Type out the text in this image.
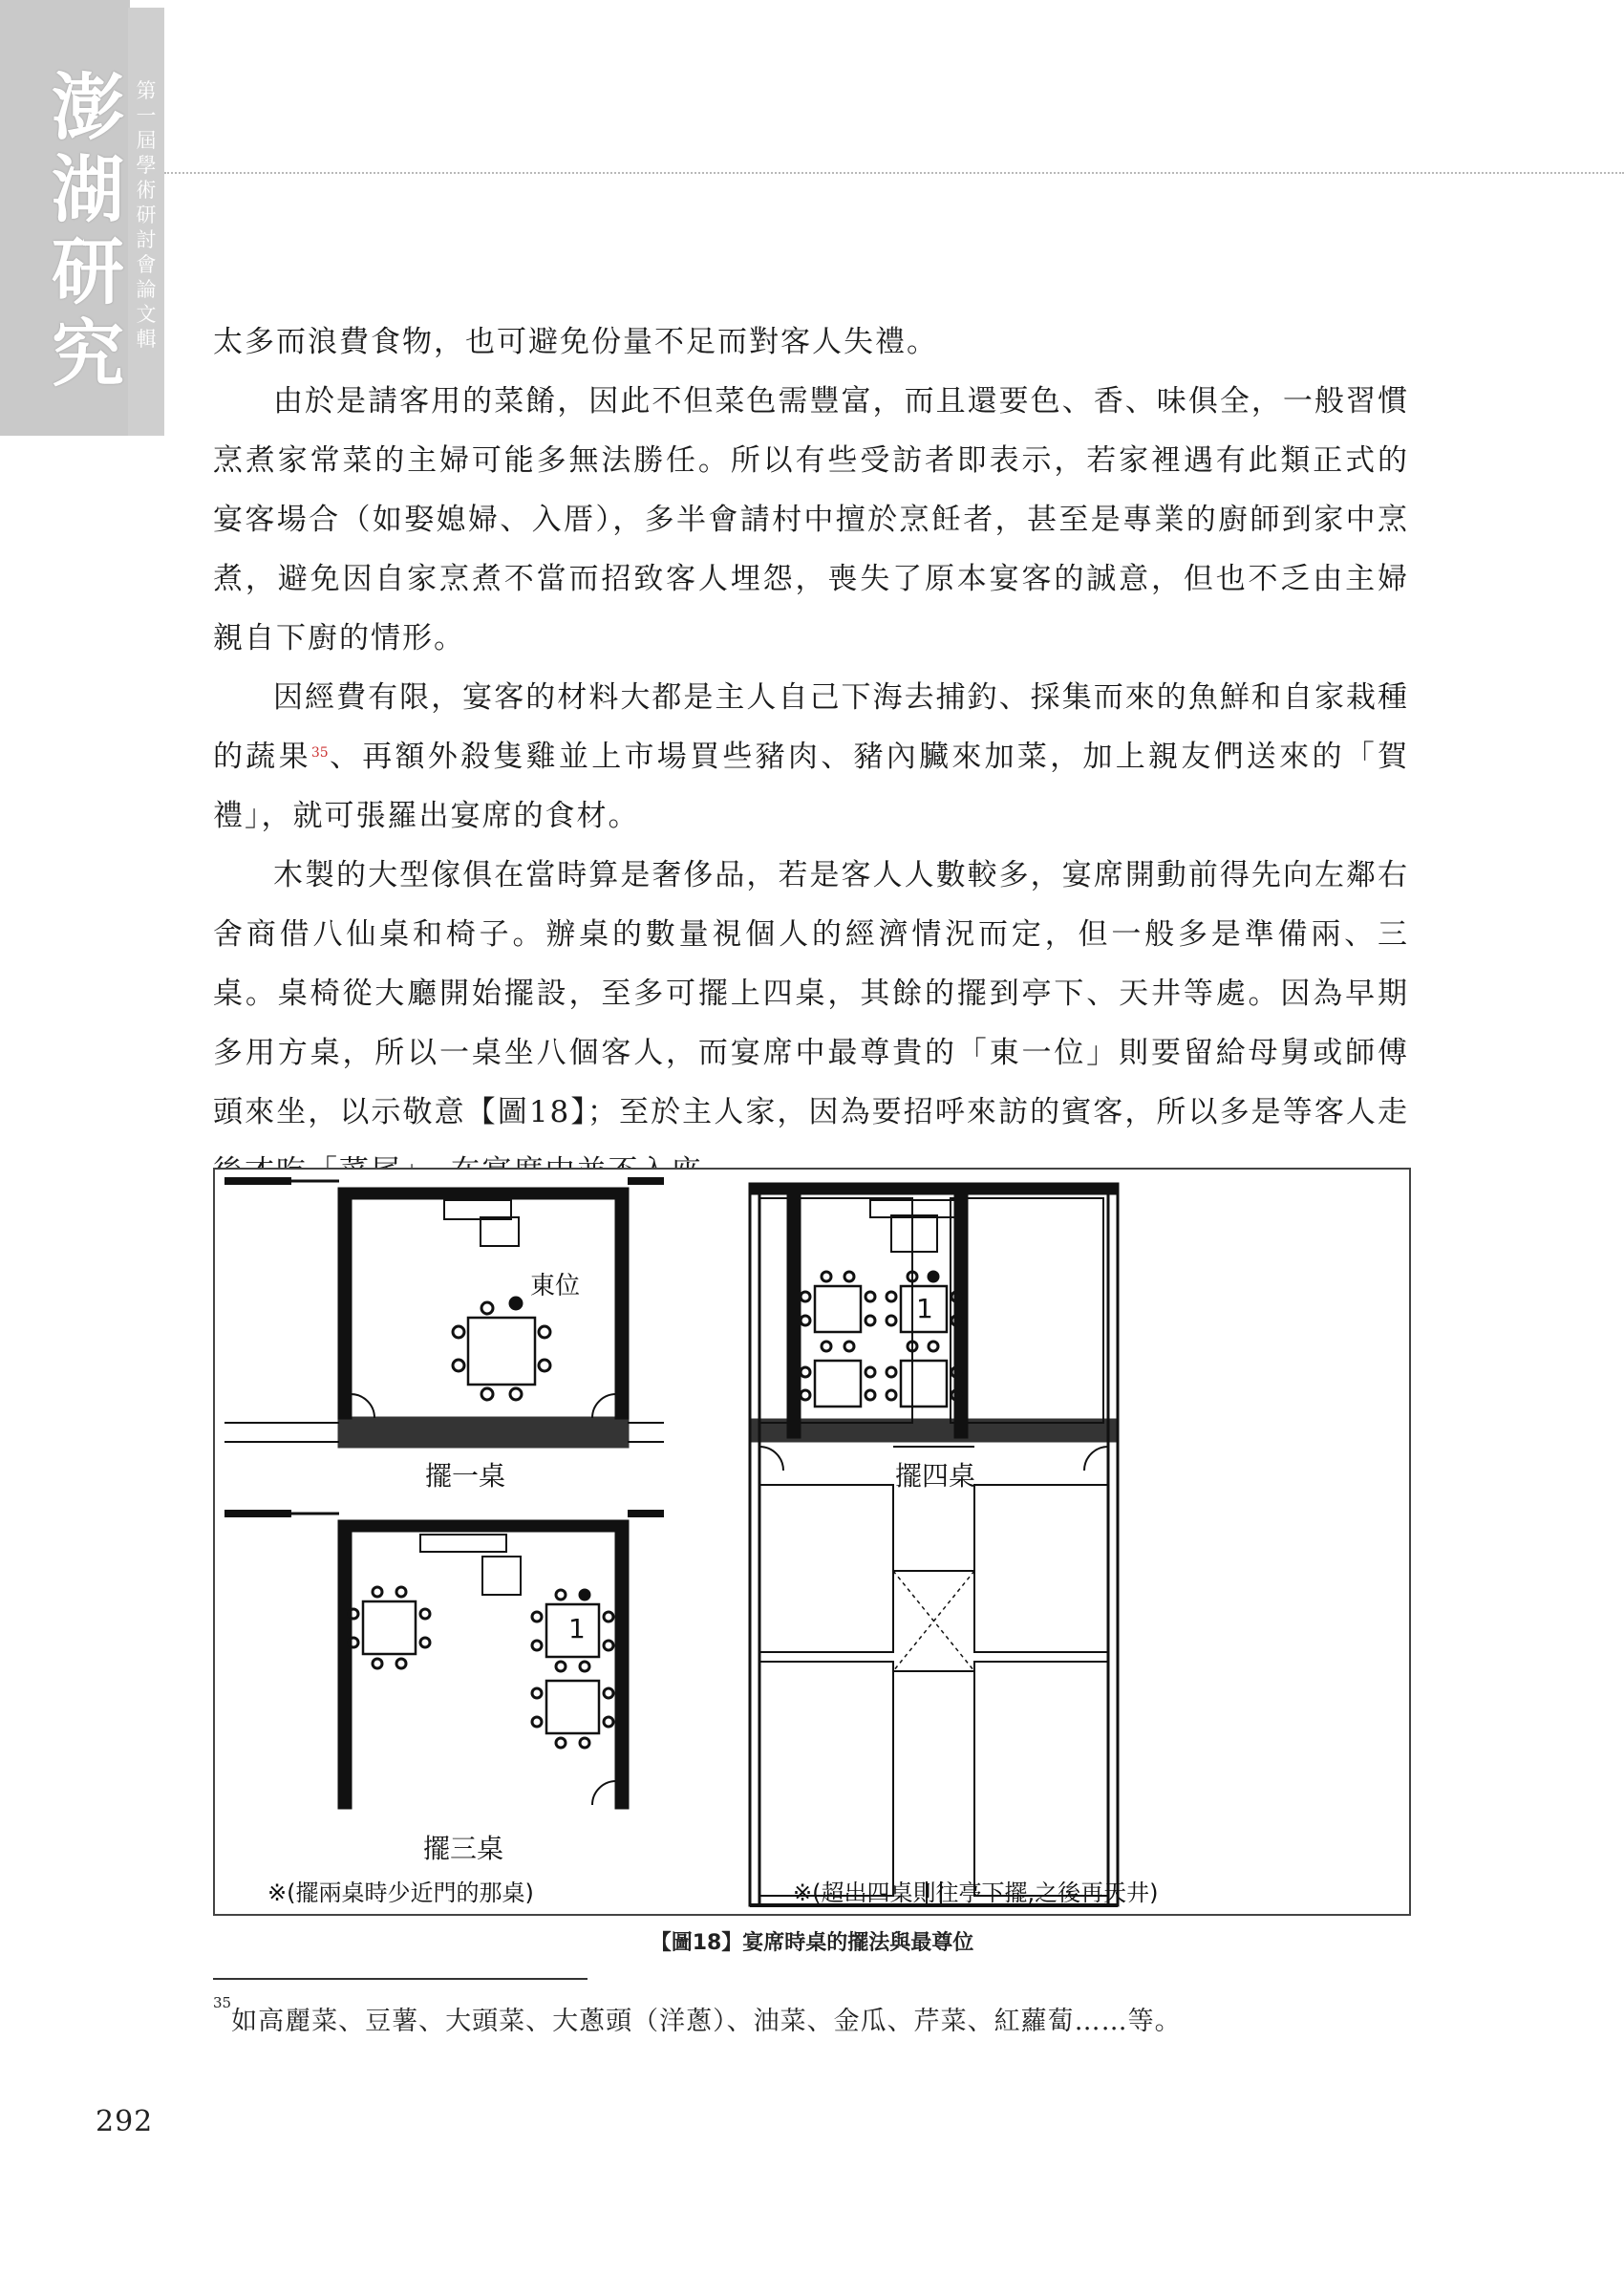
澎
湖
研
究
第
一
屆
學
術
研
討
會
論
文
輯 太多而浪費食物，也可避免份量不足而對客人失禮。

由於是請客用的菜餚，因此不但菜色需豐富，而且還要色、香、味俱全，一般習慣烹煮家常菜的主婦可能多無法勝任。所以有些受訪者即表示，若家裡遇有此類正式的宴客場合（如娶媳婦、入厝），多半會請村中擅於烹飪者，甚至是專業的廚師到家中烹煮，避免因自家烹煮不當而招致客人埋怨，喪失了原本宴客的誠意，但也不乏由主婦親自下廚的情形。

因經費有限，宴客的材料大都是主人自己下海去捕釣、採集而來的魚鮮和自家栽種的蔬果$^{35}$、再額外殺隻雞並上市場買些豬肉、豬內臟來加菜，加上親友們送來的「賀禮」，就可張羅出宴席的食材。

木製的大型傢俱在當時算是奢侈品，若是客人人數較多，宴席開動前得先向左鄰右舍商借八仙桌和椅子。辦桌的數量視個人的經濟情況而定，但一般多是準備兩、三桌。桌椅從大廳開始擺設，至多可擺上四桌，其餘的擺到亭下、天井等處。因為早期多用方桌，所以一桌坐八個客人，而宴席中最尊貴的「東一位」則要留給母舅或師傅頭來坐，以示敬意【圖18】；至於主人家，因為要招呼來訪的賓客，所以多是等客人走

東位
擺一桌
擺三桌
1
1
擺四桌
※(擺兩桌時少近門的那桌)	※(超出四桌則往亭下擺,之後再天井)
【圖18】宴席時桌的擺法與最尊位
$^{35}$如高麗菜、豆薯、大頭菜、大蔥頭（洋蔥）、油菜、金瓜、芹菜、紅蘿蔔……等。
292
